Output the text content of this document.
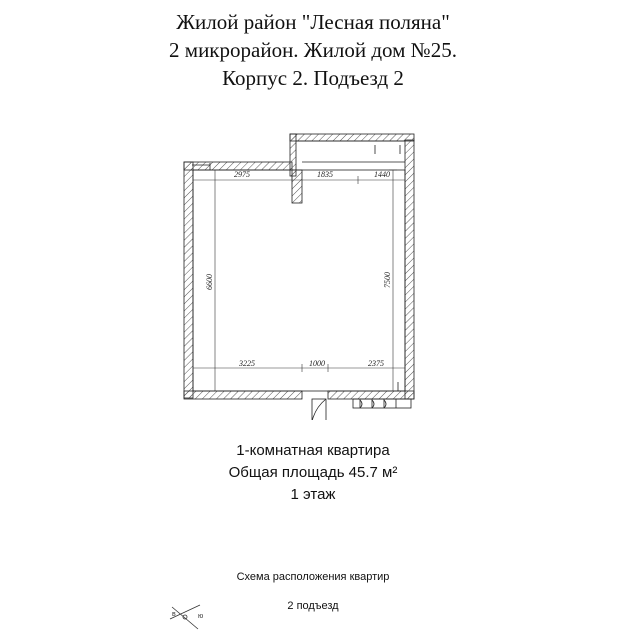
Жилой район "Лесная поляна"
2 микрорайон. Жилой дом №25.
Корпус 2. Подъезд 2
2975	1835	1440
3225	1000	2375
6600	7500
1-комнатная квартира
Общая площадь 45.7 м²
1 этаж
Схема расположения квартир
2 подъезд
в	ю
